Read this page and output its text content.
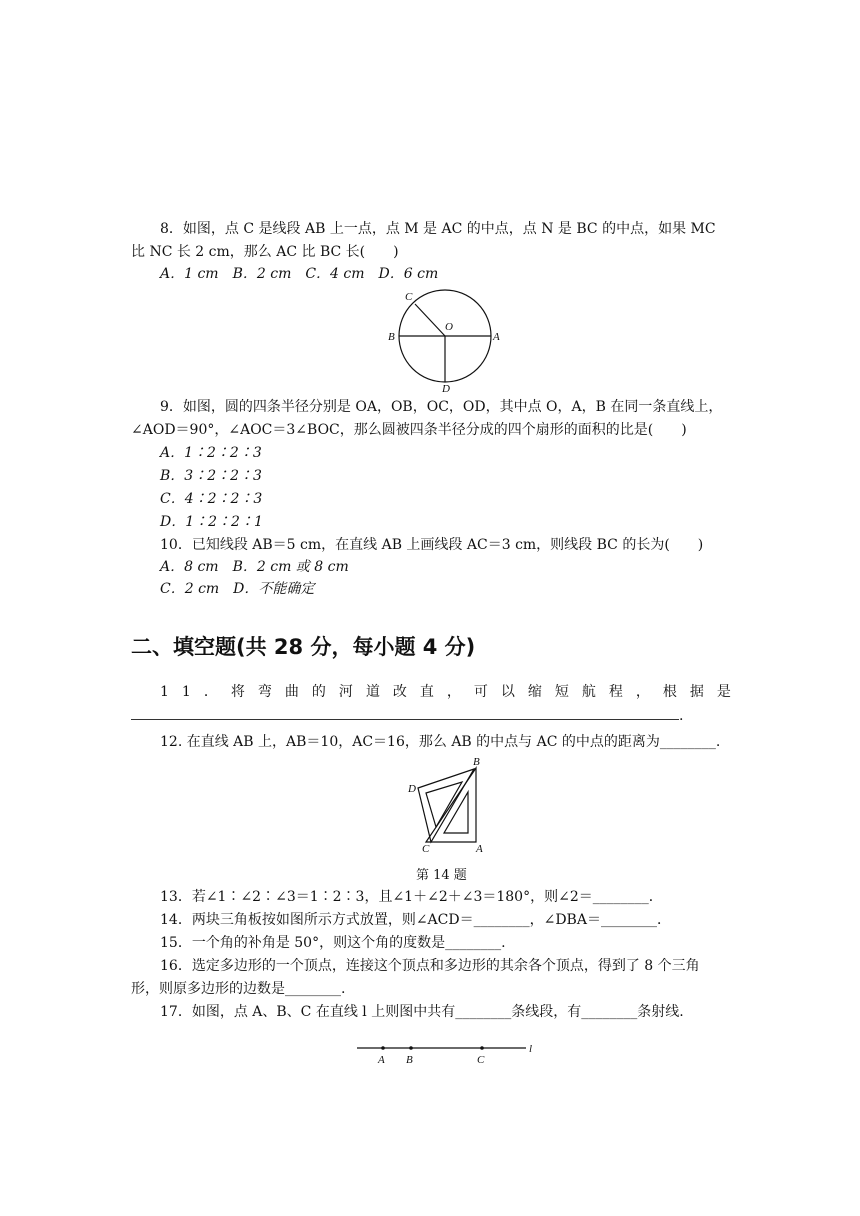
8．如图，点 C 是线段 AB 上一点，点 M 是 AC 的中点，点 N 是 BC 的中点，如果 MC
比 NC 长 2 cm，那么 AC 比 BC 长(　　)
A．1 cm　B．2 cm　C．4 cm　D．6 cm
C
O
B	A
D
9．如图，圆的四条半径分别是 OA，OB，OC，OD，其中点 O，A，B 在同一条直线上，
∠AOD＝90°，∠AOC＝3∠BOC，那么圆被四条半径分成的四个扇形的面积的比是(　　)
A．1∶2∶2∶3
B．3∶2∶2∶3
C．4∶2∶2∶3
D．1∶2∶2∶1
10．已知线段 AB＝5 cm，在直线 AB 上画线段 AC＝3 cm，则线段 BC 的长为(　　)
A．8 cm　B．2 cm 或 8 cm
C．2 cm　D．不能确定
二、填空题(共 28 分，每小题 4 分)
11．将弯曲的河道改直，可以缩短航程，根据是
.
12. 在直线 AB 上，AB＝10，AC＝16，那么 AB 的中点与 AC 的中点的距离为________.
B
D
C	A
第 14 题
13．若∠1∶∠2∶∠3＝1∶2∶3，且∠1＋∠2＋∠3＝180°，则∠2＝________．
14．两块三角板按如图所示方式放置，则∠ACD＝________，∠DBA＝________．
15．一个角的补角是 50°，则这个角的度数是________.
16．选定多边形的一个顶点，连接这个顶点和多边形的其余各个顶点，得到了 8 个三角
形，则原多边形的边数是________.
17．如图，点 A、B、C 在直线 l 上则图中共有________条线段，有________条射线.
A B	C
l
